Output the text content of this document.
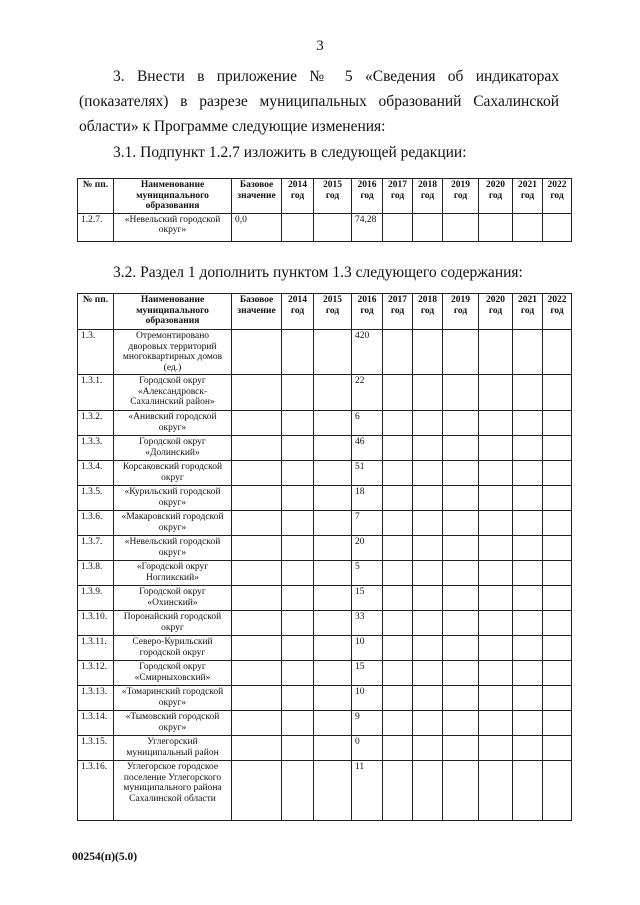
3

3. Внести в приложение № 5 «Сведения об индикаторах (показателях) в разрезе муниципальных образований Сахалинской области» к Программе следующие изменения:

3.1. Подпункт 1.2.7 изложить в следующей редакции:

№ пп.	Наименование муниципального образования	Базовое значение	2014 год	2015 год	2016 год	2017 год	2018 год	2019 год	2020 год	2021 год	2022 год
1.2.7.	«Невельский городской округ»	0,0			74,28						

3.2. Раздел 1 дополнить пунктом 1.3 следующего содержания:

№ пп.	Наименование муниципального образования	Базовое значение	2014 год	2015 год	2016 год	2017 год	2018 год	2019 год	2020 год	2021 год	2022 год
1.3.	Отремонтировано дворовых территорий многоквартирных домов (ед.)				420						
1.3.1.	Городской округ «Александровск-Сахалинский район»				22						
1.3.2.	«Анивский городской округ»				6						
1.3.3.	Городской округ «Долинский»				46						
1.3.4.	Корсаковский городской округ				51						
1.3.5.	«Курильский городской округ»				18						
1.3.6.	«Макаровский городской округ»				7						
1.3.7.	«Невельский городской округ»				20						
1.3.8.	«Городской округ Ногликский»				5						
1.3.9.	Городской округ «Охинский»				15						
1.3.10.	Поронайский городской округ				33						
1.3.11.	Северо-Курильский городской округ				10						
1.3.12.	Городской округ «Смирныховский»				15						
1.3.13.	«Томаринский городской округ»				10						
1.3.14.	«Тымовский городской округ»				9						
1.3.15.	Углегорский муниципальный район				0						
1.3.16.	Углегорское городское поселение Углегорского муниципального района Сахалинской области				11						
00254(п)(5.0)
